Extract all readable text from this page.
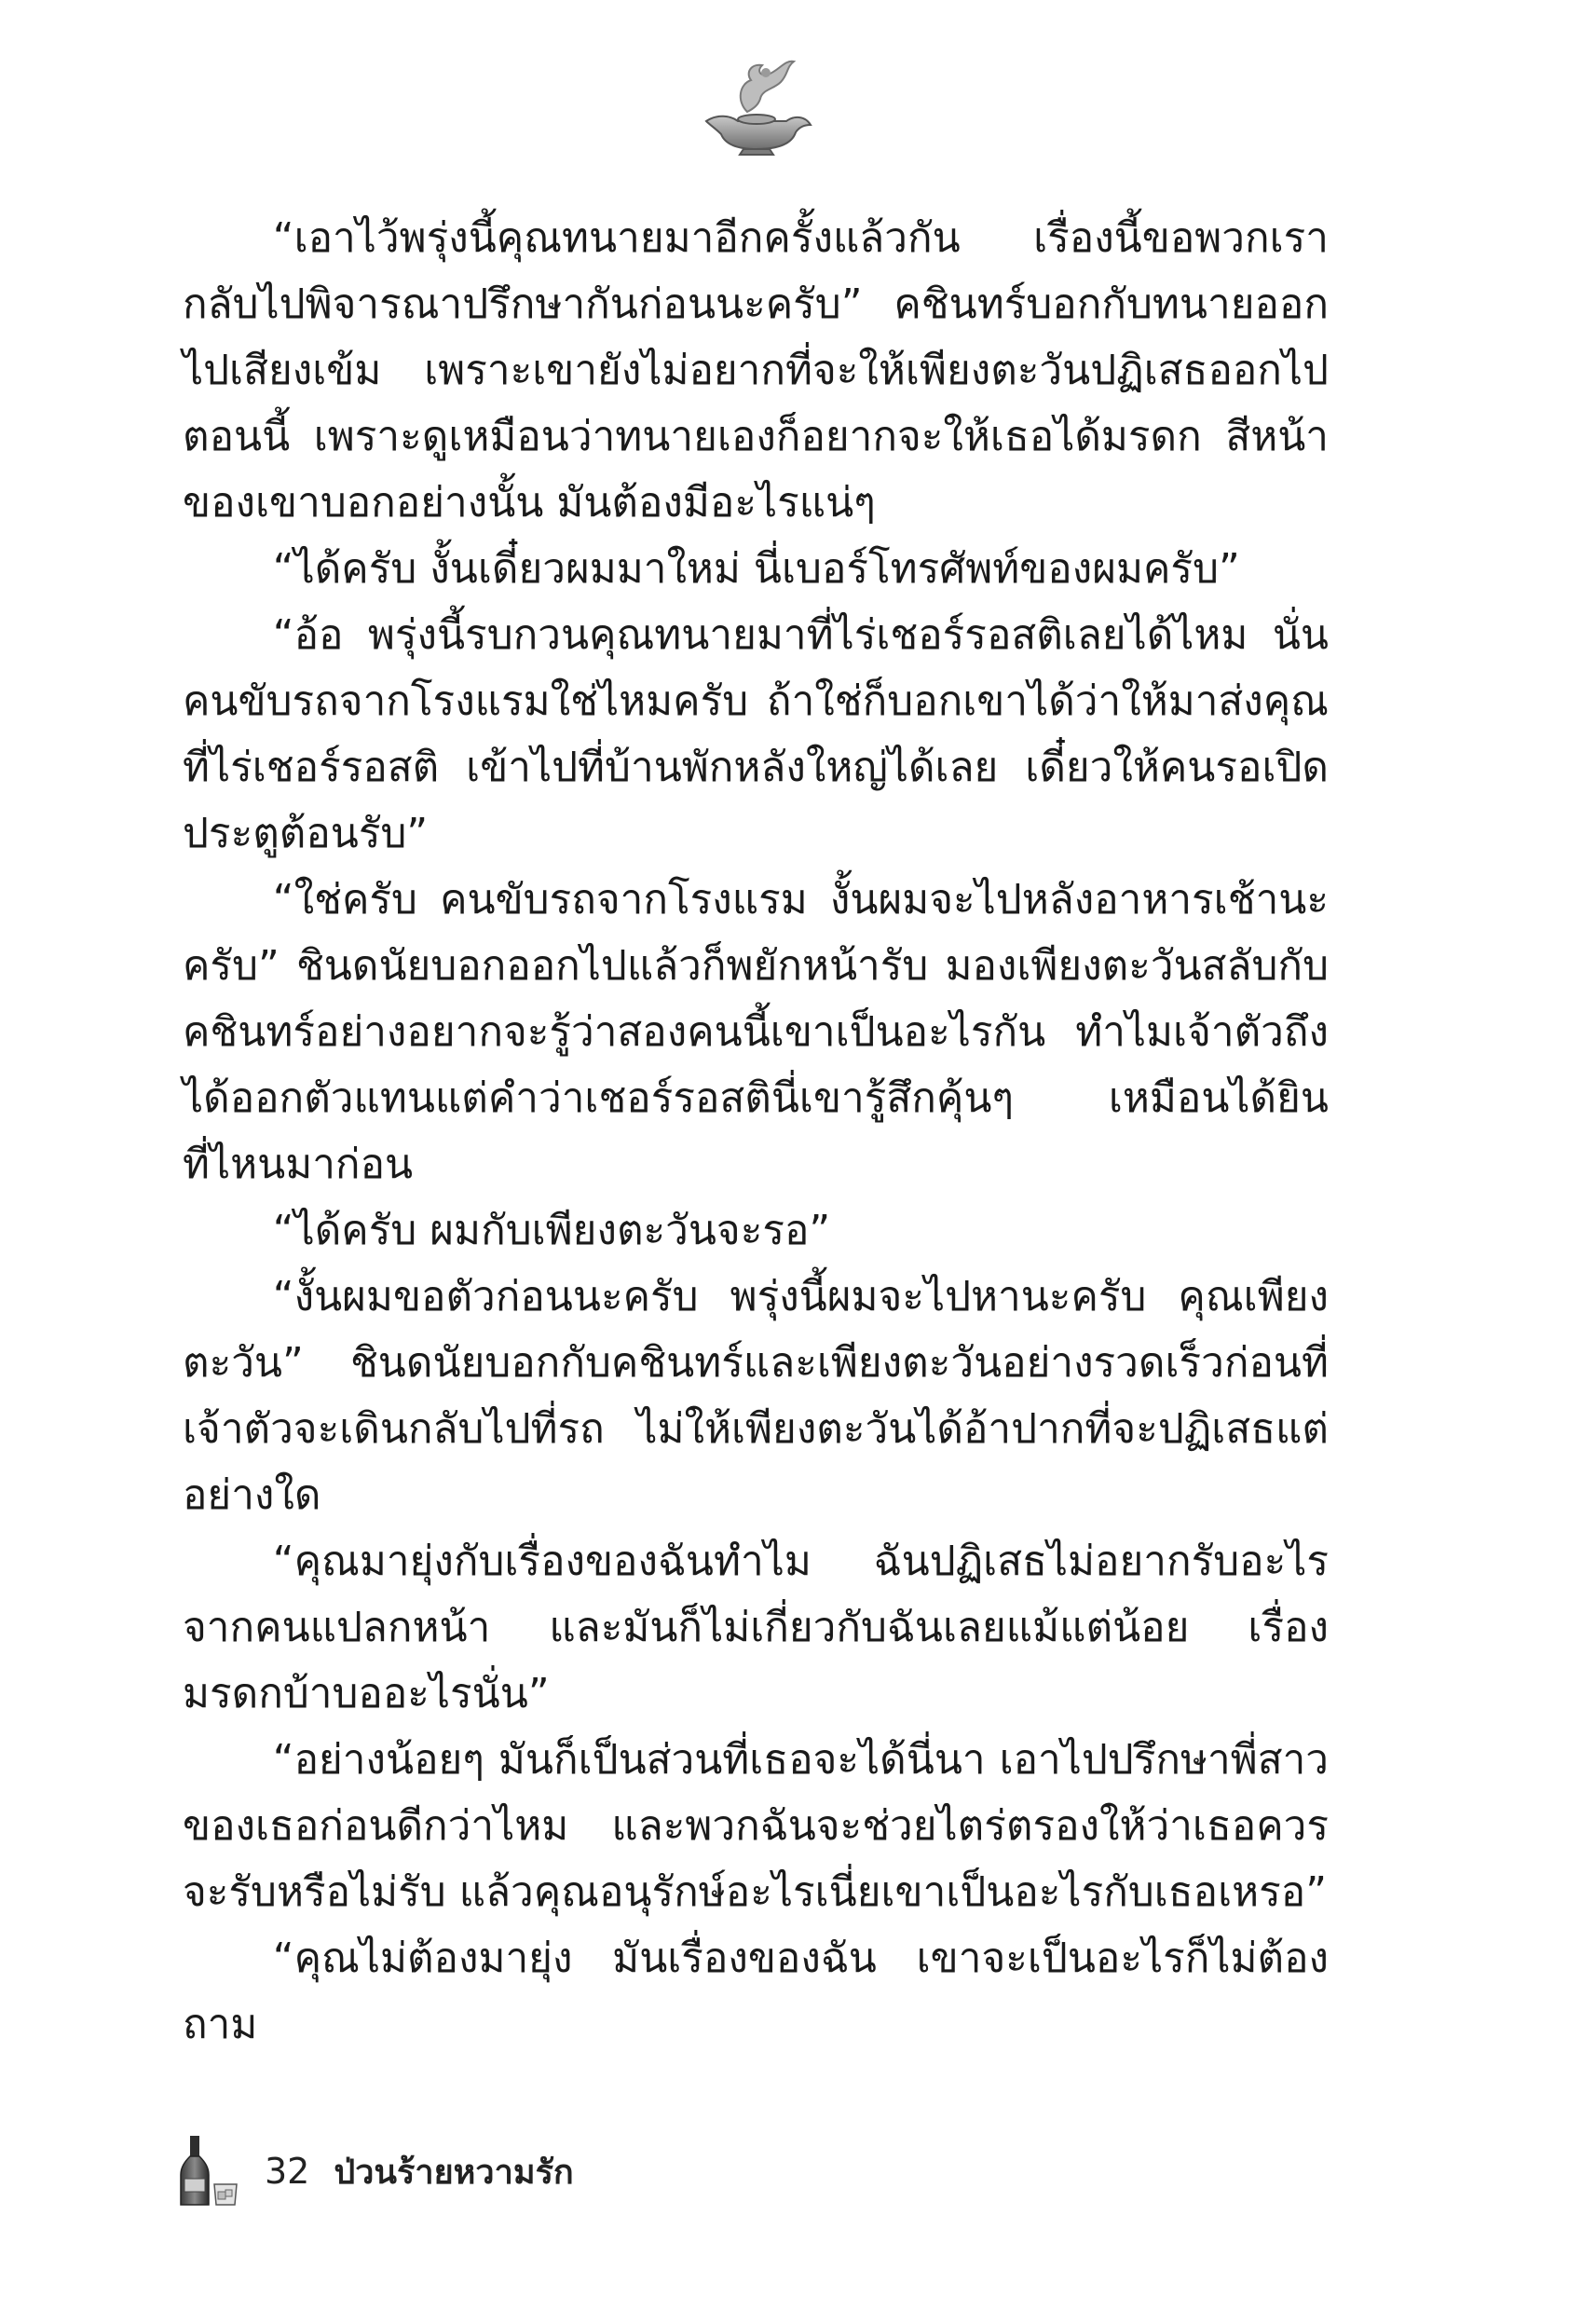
“เอาไว้พรุ่งนี้คุณทนายมาอีกครั้งแล้วกัน เรื่องนี้ขอพวกเรากลับไปพิจารณาปรึกษากันก่อนนะครับ” คชินทร์บอกกับทนายออกไปเสียงเข้ม เพราะเขายังไม่อยากที่จะให้เพียงตะวันปฏิเสธออกไปตอนนี้ เพราะดูเหมือนว่าทนายเองก็อยากจะให้เธอได้มรดก สีหน้าของเขาบอกอย่างนั้น มันต้องมีอะไรแน่ๆ

“ได้ครับ งั้นเดี๋ยวผมมาใหม่ นี่เบอร์โทรศัพท์ของผมครับ”

“อ้อ พรุ่งนี้รบกวนคุณทนายมาที่ไร่เชอร์รอสติเลยได้ไหม นั่นคนขับรถจากโรงแรมใช่ไหมครับ ถ้าใช่ก็บอกเขาได้ว่าให้มาส่งคุณที่ไร่เชอร์รอสติ เข้าไปที่บ้านพักหลังใหญ่ได้เลย เดี๋ยวให้คนรอเปิดประตูต้อนรับ”

“ใช่ครับ คนขับรถจากโรงแรม งั้นผมจะไปหลังอาหารเช้านะครับ” ชินดนัยบอกออกไปแล้วก็พยักหน้ารับ มองเพียงตะวันสลับกับคชินทร์อย่างอยากจะรู้ว่าสองคนนี้เขาเป็นอะไรกัน ทำไมเจ้าตัวถึงได้ออกตัวแทนแต่คำว่าเชอร์รอสตินี่เขารู้สึกคุ้นๆ เหมือนได้ยินที่ไหนมาก่อน

“ได้ครับ ผมกับเพียงตะวันจะรอ”

“งั้นผมขอตัวก่อนนะครับ พรุ่งนี้ผมจะไปหานะครับ คุณเพียงตะวัน” ชินดนัยบอกกับคชินทร์และเพียงตะวันอย่างรวดเร็วก่อนที่เจ้าตัวจะเดินกลับไปที่รถ ไม่ให้เพียงตะวันได้อ้าปากที่จะปฏิเสธแต่อย่างใด

“คุณมายุ่งกับเรื่องของฉันทำไม ฉันปฏิเสธไม่อยากรับอะไรจากคนแปลกหน้า และมันก็ไม่เกี่ยวกับฉันเลยแม้แต่น้อย เรื่องมรดกบ้าบออะไรนั่น”

“อย่างน้อยๆ มันก็เป็นส่วนที่เธอจะได้นี่นา เอาไปปรึกษาพี่สาวของเธอก่อนดีกว่าไหม และพวกฉันจะช่วยไตร่ตรองให้ว่าเธอควรจะรับหรือไม่รับ แล้วคุณอนุรักษ์อะไรเนี่ยเขาเป็นอะไรกับเธอเหรอ”

“คุณไม่ต้องมายุ่ง มันเรื่องของฉัน เขาจะเป็นอะไรก็ไม่ต้องถาม

32 ป่วนร้ายหวามรัก
